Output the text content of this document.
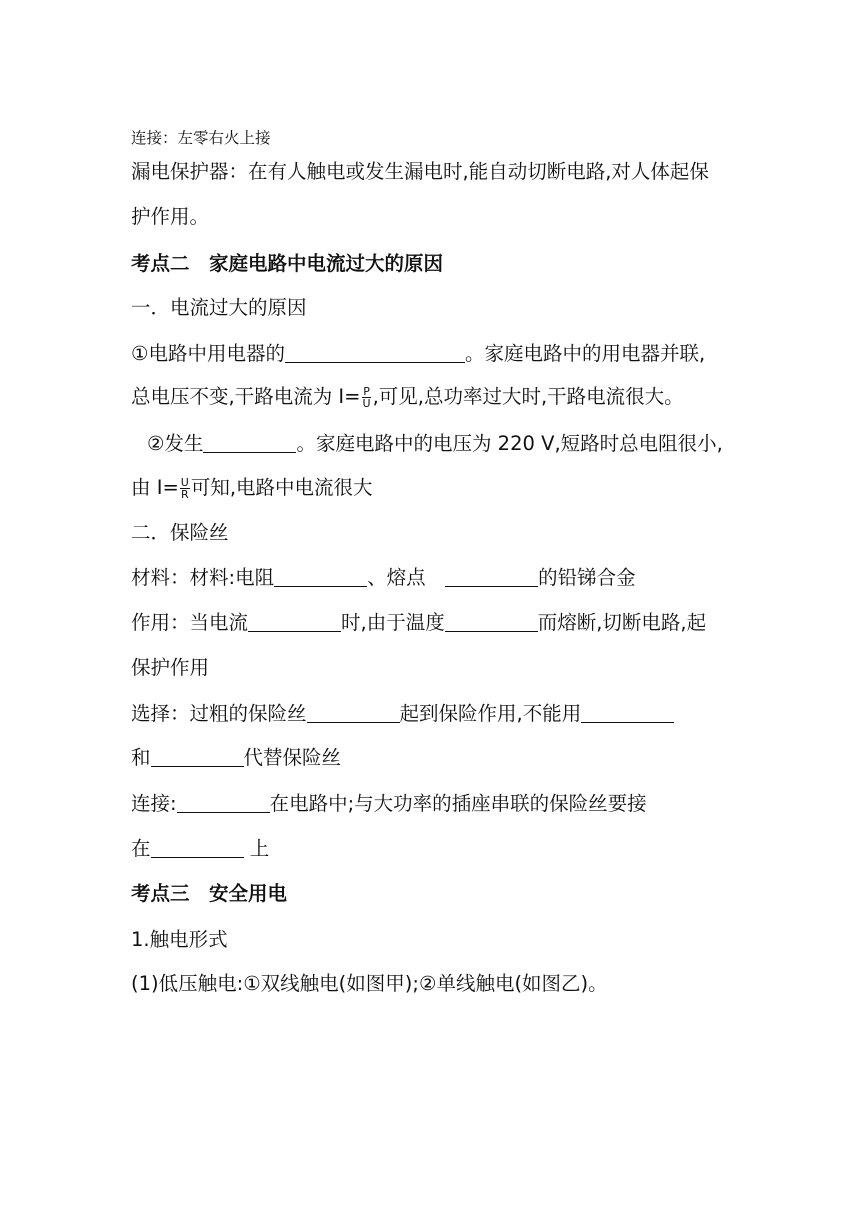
连接：左零右火上接
漏电保护器：在有人触电或发生漏电时,能自动切断电路,对人体起保
护作用。
考点二　家庭电路中电流过大的原因
一．电流过大的原因
①电路中用电器的	。家庭电路中的用电器并联,
总电压不变,干路电流为 $I= \frac{P}{U}$ ,可见,总功率过大时,干路电流很大。
②发生	。家庭电路中的电压为 220 V,短路时总电阻很小,
由 $I= \frac{U}{R}$ 可知,电路中电流很大
二．保险丝
材料：材料:电阻	、熔点　	的铅锑合金
作用：当电流	时,由于温度	而熔断,切断电路,起
保护作用
选择：过粗的保险丝	起到保险作用,不能用
和	代替保险丝
连接:	在电路中;与大功率的插座串联的保险丝要接
在	上
考点三　安全用电
1.触电形式
(1)低压触电:①双线触电(如图甲);②单线触电(如图乙)。
